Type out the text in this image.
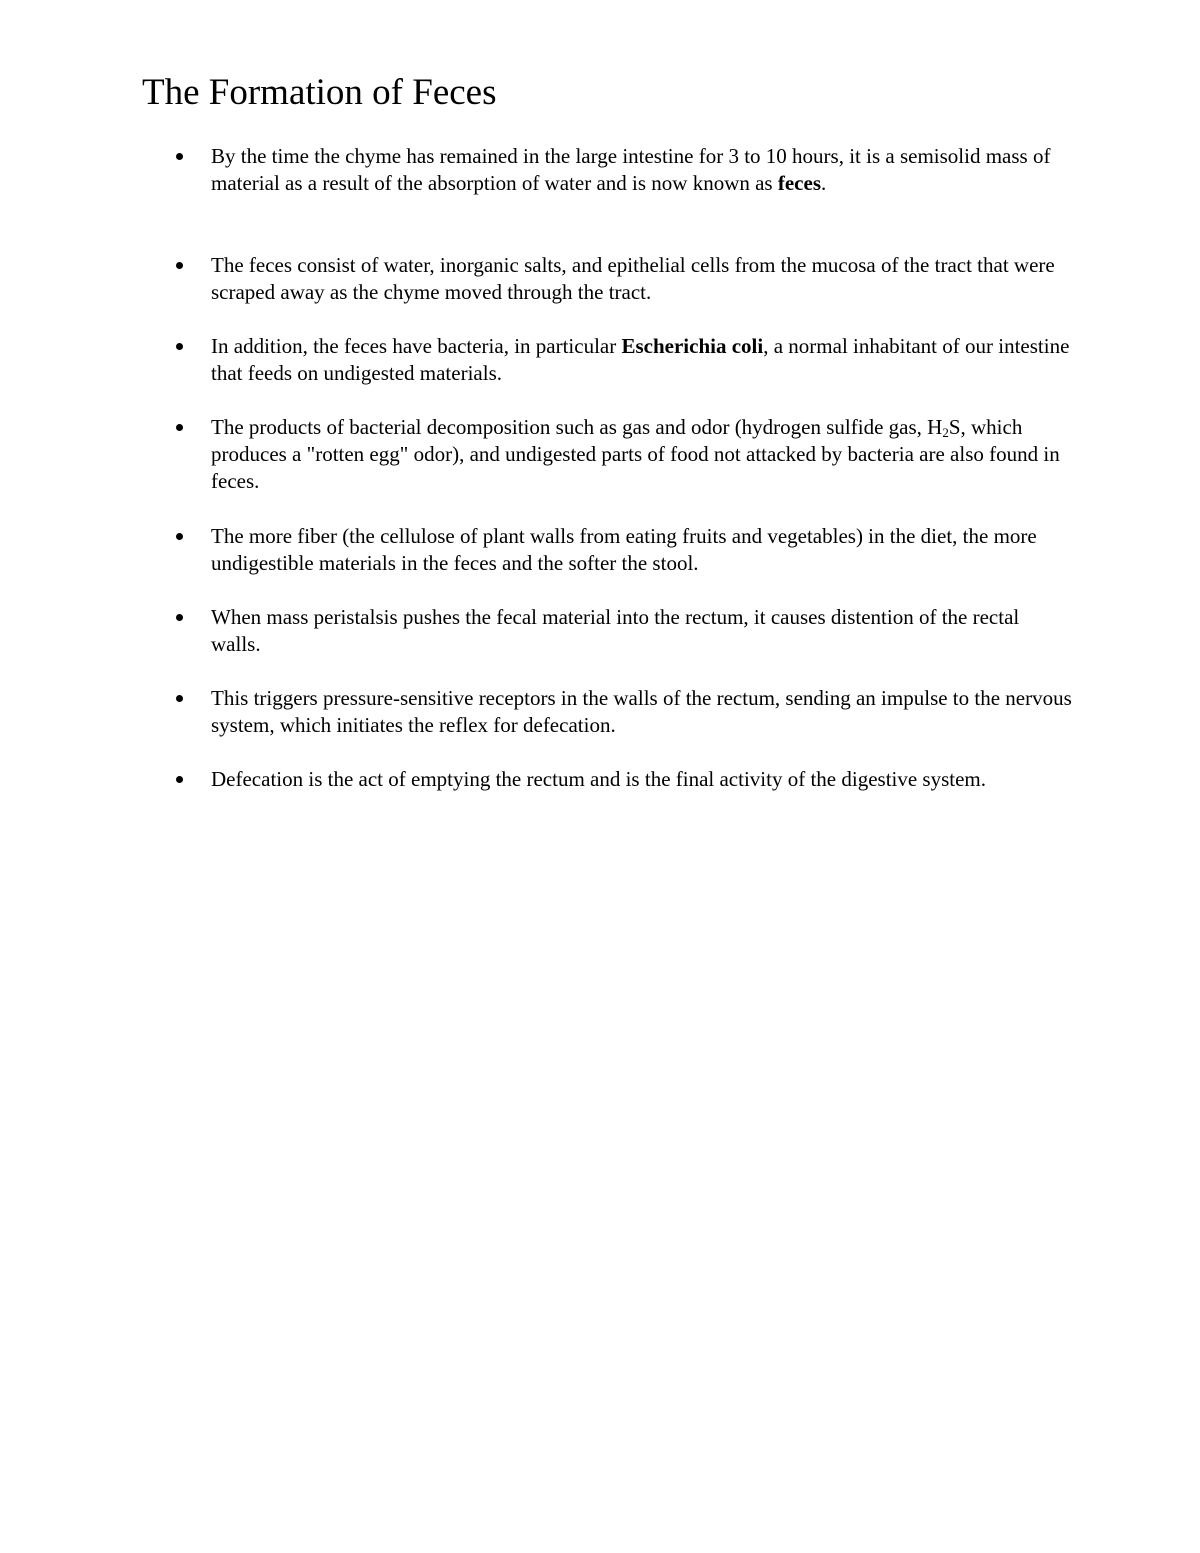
The Formation of Feces
By the time the chyme has remained in the large intestine for 3 to 10 hours, it is a semisolid mass of material as a result of the absorption of water and is now known as feces.
The feces consist of water, inorganic salts, and epithelial cells from the mucosa of the tract that were scraped away as the chyme moved through the tract.
In addition, the feces have bacteria, in particular Escherichia coli, a normal inhabitant of our intestine that feeds on undigested materials.
The products of bacterial decomposition such as gas and odor (hydrogen sulfide gas, $H_2S$, which produces a "rotten egg" odor), and undigested parts of food not attacked by bacteria are also found in feces.
The more fiber (the cellulose of plant walls from eating fruits and vegetables) in the diet, the more undigestible materials in the feces and the softer the stool.
When mass peristalsis pushes the fecal material into the rectum, it causes distention of the rectal walls.
This triggers pressure-sensitive receptors in the walls of the rectum, sending an impulse to the nervous system, which initiates the reflex for defecation.
Defecation is the act of emptying the rectum and is the final activity of the digestive system.
